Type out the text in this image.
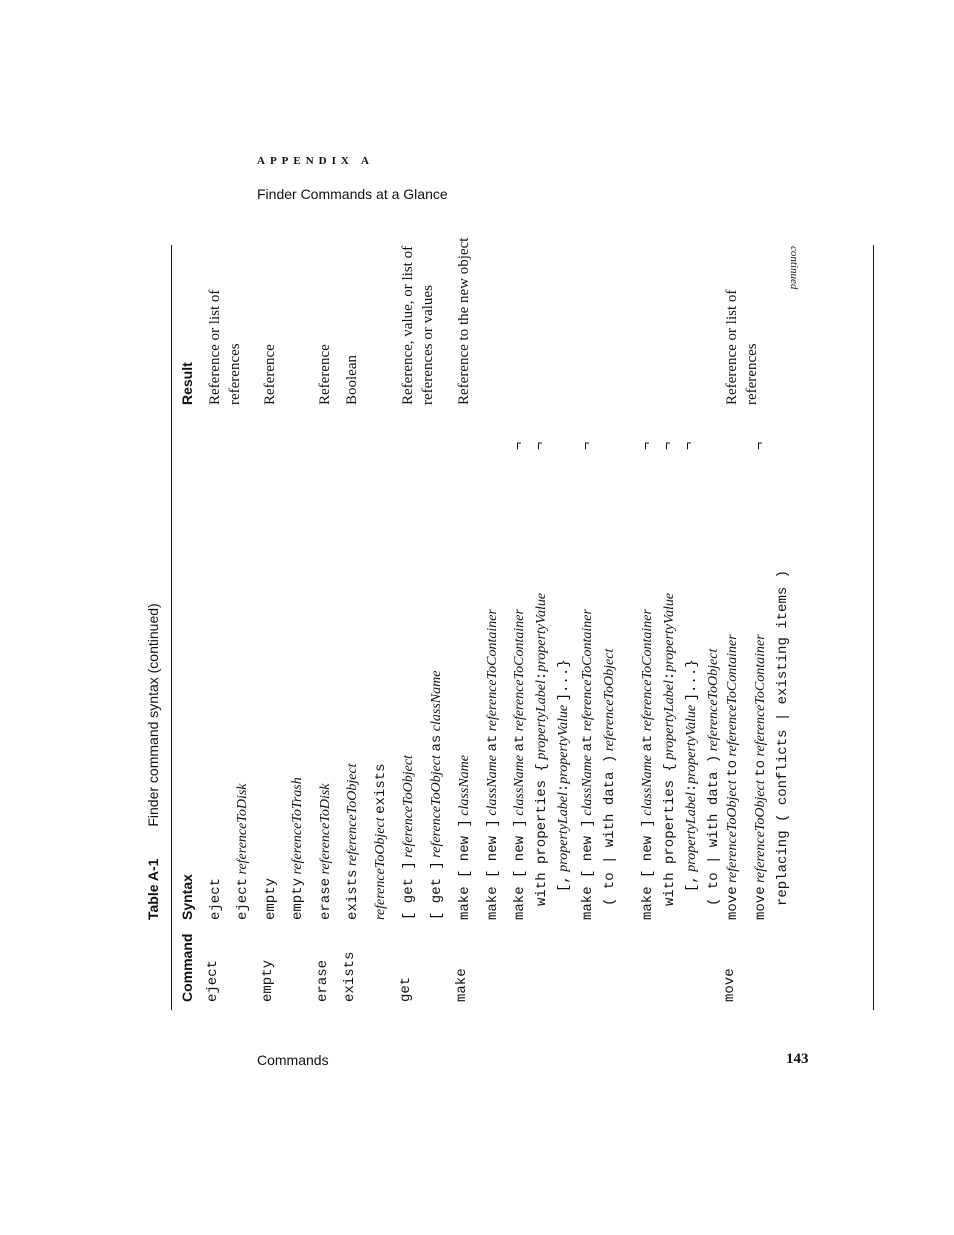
APPENDIX A
Finder Commands at a Glance
Table A-1 Finder command syntax (continued)
Command
Syntax
Result
eject
eject
Reference or list of references
eject referenceToDisk
empty
empty
Reference
empty referenceToTrash
erase
erase referenceToDisk
Reference
exists
exists referenceToObject
Boolean
referenceToObject exists
get
[ get ] referenceToObject
Reference, value, or list of references or values
[ get ] referenceToObject as className
make
make [ new ] className
Reference to the new object
make [ new ] className at referenceToContainer
make [ new ] className at referenceToContainer
with properties { propertyLabel:propertyValue
[, propertyLabel:propertyValue ]...}
¬ ¬
make [ new ] className at referenceToContainer
( to | with data ) referenceToObject
¬
make [ new ] className at referenceToContainer
with properties { propertyLabel:propertyValue
[, propertyLabel:propertyValue ]...}
( to | with data ) referenceToObject
¬ ¬ ¬
move
move referenceToObject to referenceToContainer
Reference or list of references
move referenceToObject to referenceToContainer replacing ( conflicts | existing items )
¬
continued
Commands	143
